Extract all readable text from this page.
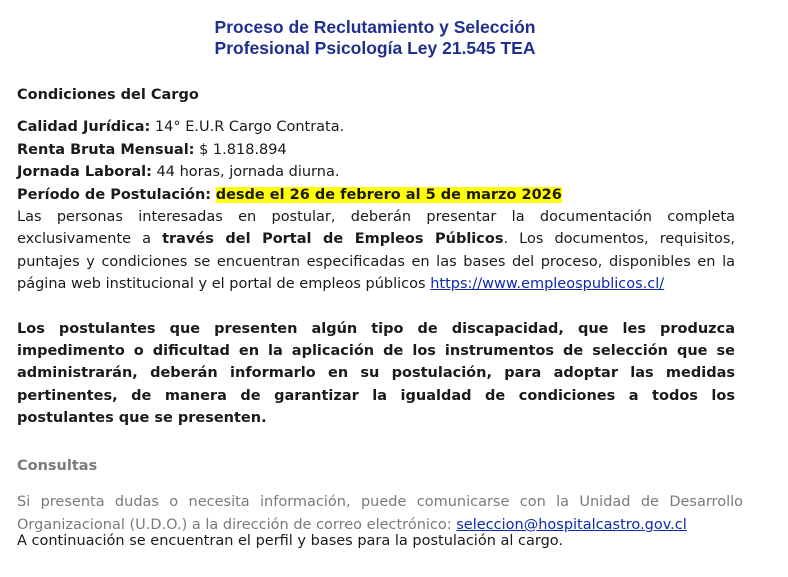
Proceso de Reclutamiento y Selección
Profesional Psicología Ley 21.545 TEA

Condiciones del Cargo

Calidad Jurídica: 14° E.U.R Cargo Contrata.

Renta Bruta Mensual: $ 1.818.894

Jornada Laboral: 44 horas, jornada diurna.

Período de Postulación: desde el 26 de febrero al 5 de marzo 2026

Las personas interesadas en postular, deberán presentar la documentación completa exclusivamente a través del Portal de Empleos Públicos. Los documentos, requisitos, puntajes y condiciones se encuentran especificadas en las bases del proceso, disponibles en la página web institucional y el portal de empleos públicos https://www.empleospublicos.cl/

Los postulantes que presenten algún tipo de discapacidad, que les produzca impedimento o dificultad en la aplicación de los instrumentos de selección que se administrarán, deberán informarlo en su postulación, para adoptar las medidas pertinentes, de manera de garantizar la igualdad de condiciones a todos los postulantes que se presenten.

Consultas

Si presenta dudas o necesita información, puede comunicarse con la Unidad de Desarrollo Organizacional (U.D.O.) a la dirección de correo electrónico: seleccion@hospitalcastro.gov.cl

A continuación se encuentran el perfil y bases para la postulación al cargo.
